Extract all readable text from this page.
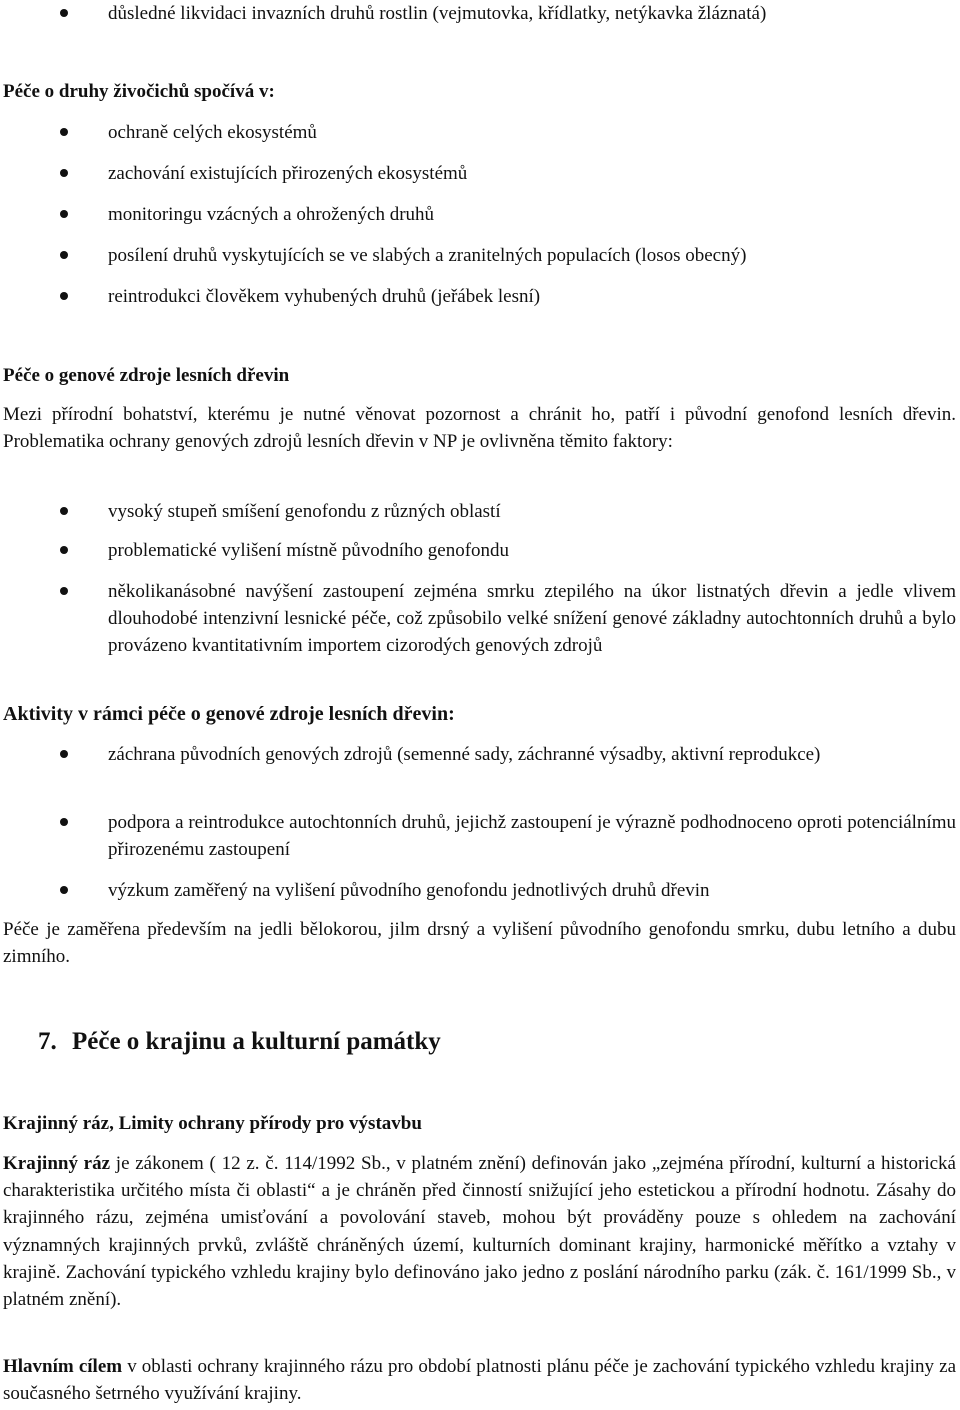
důsledné likvidaci invazních druhů rostlin (vejmutovka, křídlatky, netýkavka žláznatá)
Péče o druhy živočichů spočívá v:
ochraně celých ekosystémů
zachování existujících přirozených ekosystémů
monitoringu vzácných a ohrožených druhů
posílení druhů vyskytujících se ve slabých a zranitelných populacích (losos obecný)
reintrodukci člověkem vyhubených druhů (jeřábek lesní)
Péče o genové zdroje lesních dřevin
Mezi přírodní bohatství, kterému je nutné věnovat pozornost a chránit ho, patří i původní genofond lesních dřevin. Problematika ochrany genových zdrojů lesních dřevin v NP je ovlivněna těmito faktory:
vysoký stupeň smíšení genofondu z různých oblastí
problematické vylišení místně původního genofondu
několikanásobné navýšení zastoupení zejména smrku ztepilého na úkor listnatých dřevin a jedle vlivem dlouhodobé intenzivní lesnické péče, což způsobilo velké snížení genové základny autochtonních druhů a bylo provázeno kvantitativním importem cizorodých genových zdrojů
Aktivity v rámci péče o genové zdroje lesních dřevin:
záchrana původních genových zdrojů (semenné sady, záchranné výsadby, aktivní reprodukce)
podpora a reintrodukce autochtonních druhů, jejichž zastoupení je výrazně podhodnoceno oproti potenciálnímu přirozenému zastoupení
výzkum zaměřený na vylišení původního genofondu jednotlivých druhů dřevin
Péče je zaměřena především na jedli bělokorou, jilm drsný a vylišení původního genofondu smrku, dubu letního a dubu zimního.
7. Péče o krajinu a kulturní památky
Krajinný ráz, Limity ochrany přírody pro výstavbu
Krajinný ráz je zákonem ( 12 z. č. 114/1992 Sb., v platném znění) definován jako „zejména přírodní, kulturní a historická charakteristika určitého místa či oblasti“ a je chráněn před činností snižující jeho estetickou a přírodní hodnotu. Zásahy do krajinného rázu, zejména umisťování a povolování staveb, mohou být prováděny pouze s ohledem na zachování významných krajinných prvků, zvláště chráněných území, kulturních dominant krajiny, harmonické měřítko a vztahy v krajině. Zachování typického vzhledu krajiny bylo definováno jako jedno z poslání národního parku (zák. č. 161/1999 Sb., v platném znění).
Hlavním cílem v oblasti ochrany krajinného rázu pro období platnosti plánu péče je zachování typického vzhledu krajiny za současného šetrného využívání krajiny.
